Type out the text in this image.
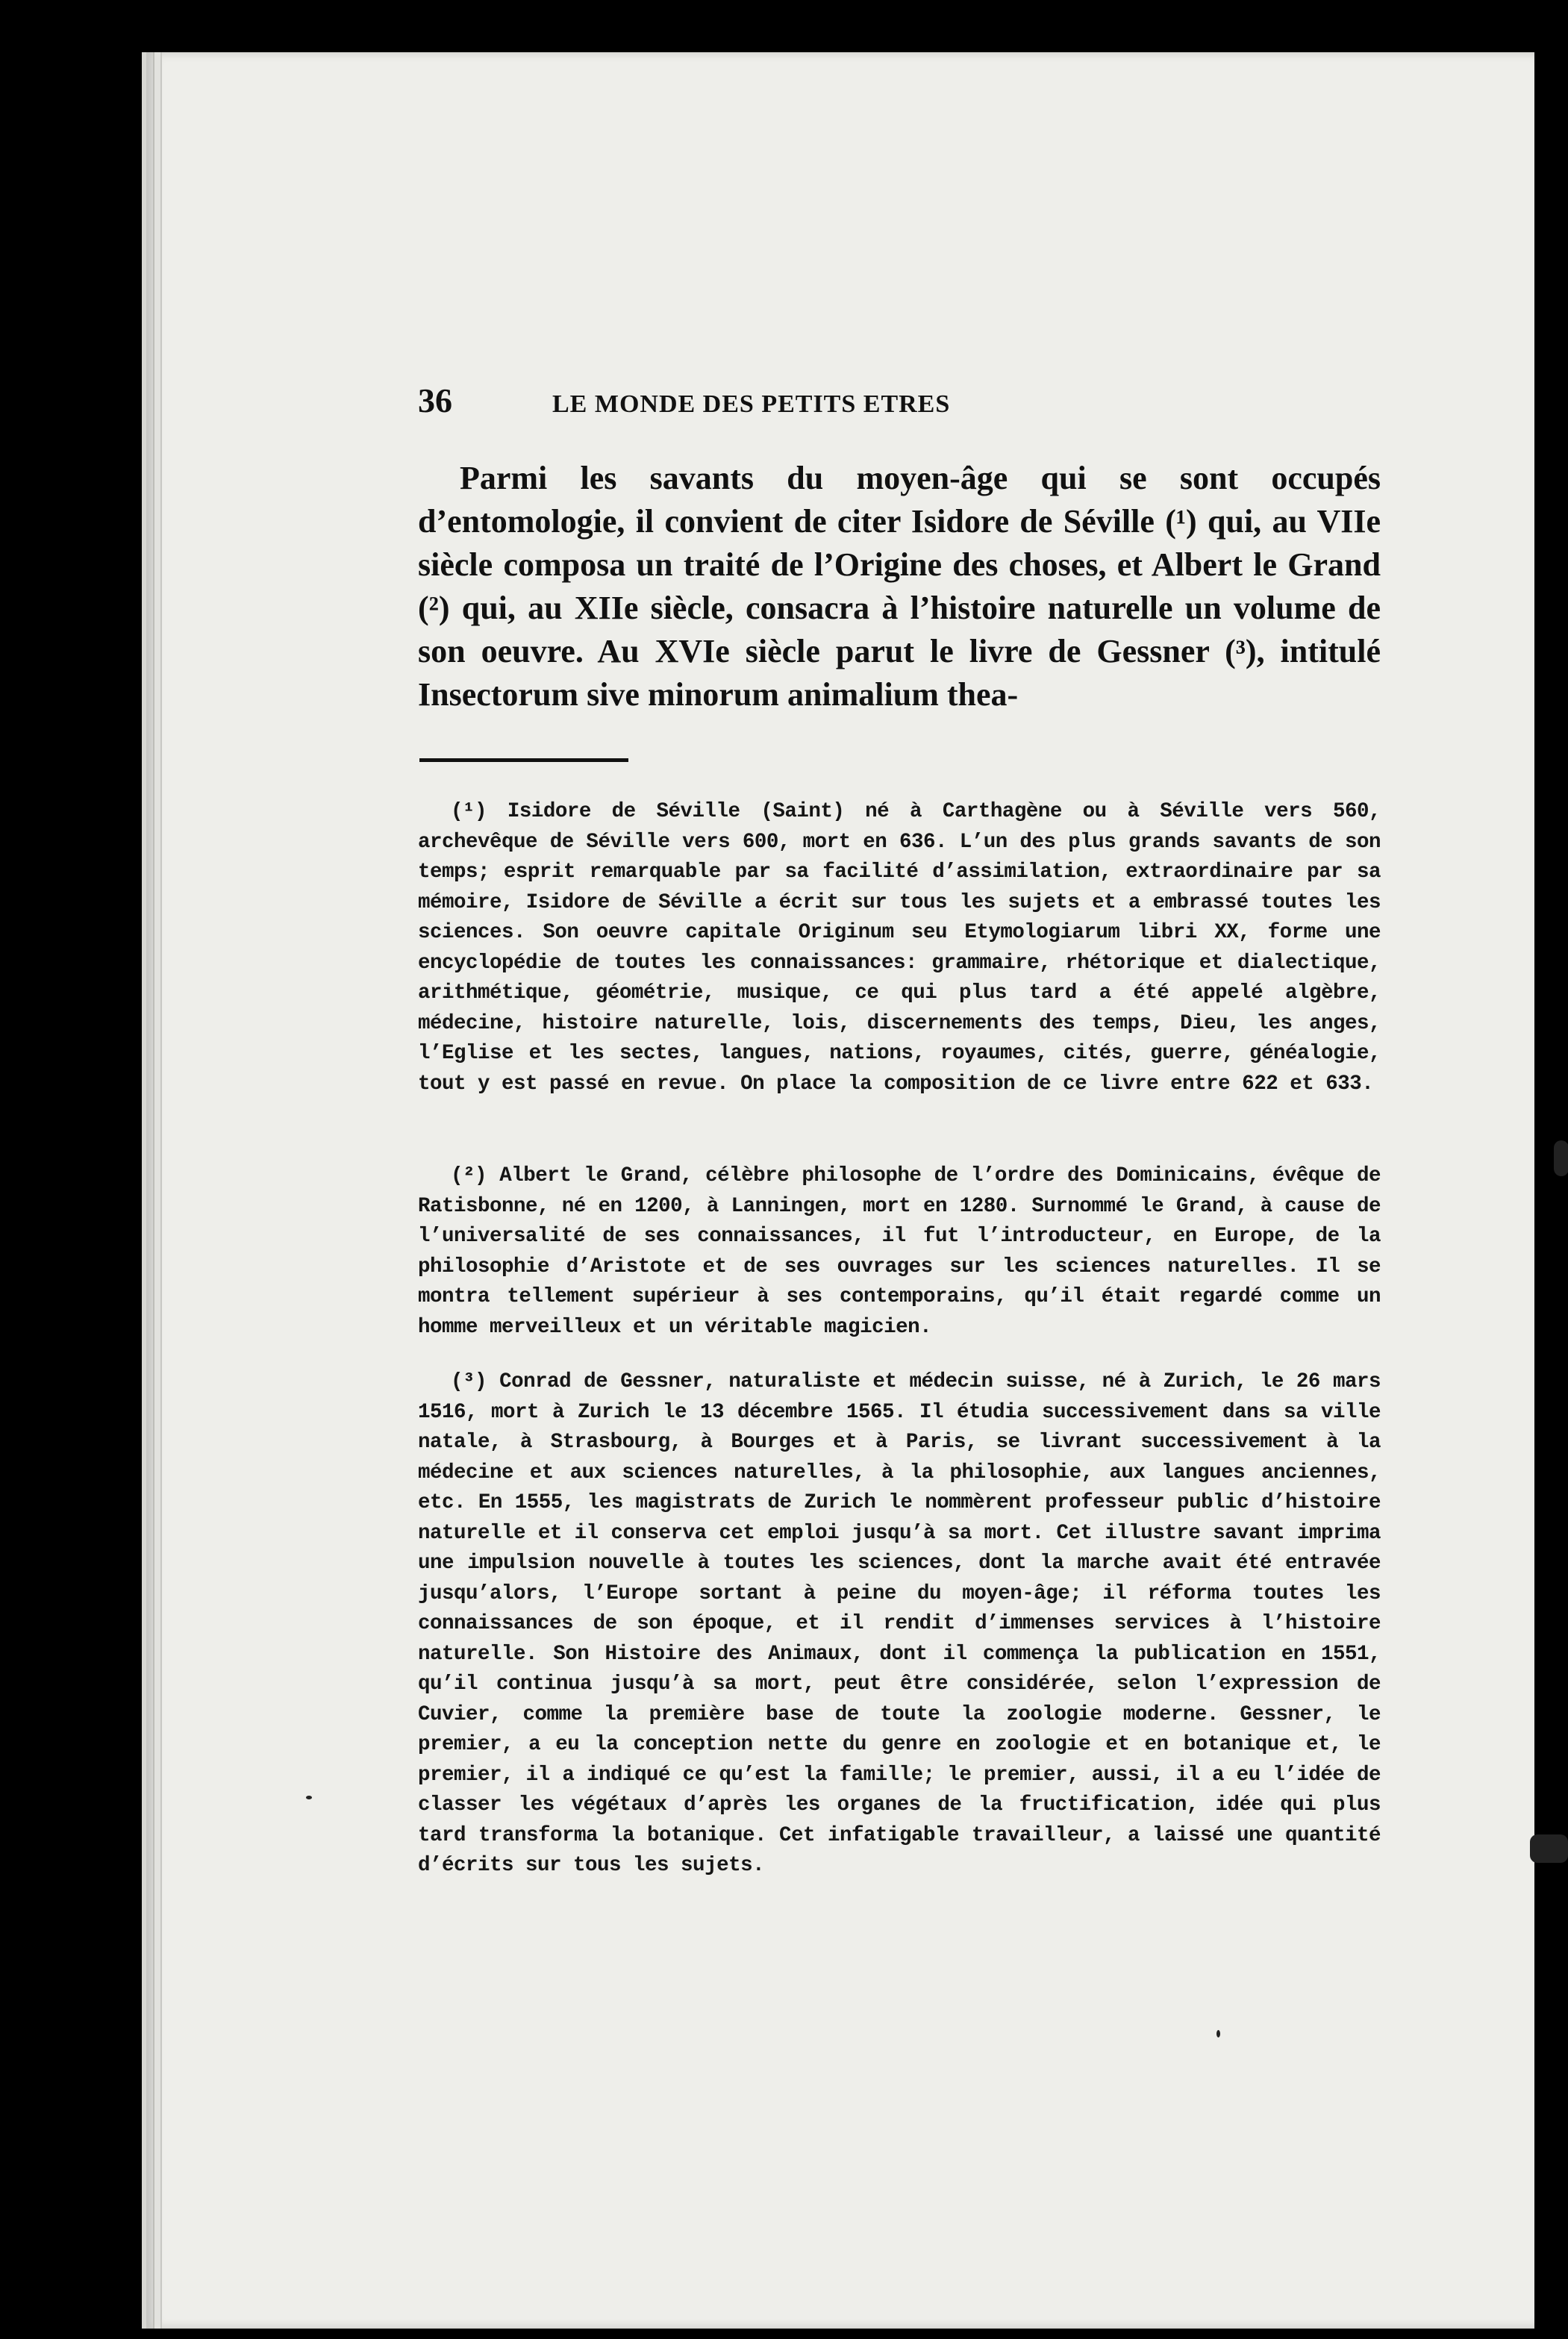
36	LE MONDE DES PETITS ETRES
Parmi les savants du moyen-âge qui se sont occupés d’entomologie, il convient de citer Isidore de Séville (¹) qui, au VIIe siècle composa un traité de l’Origine des choses, et Albert le Grand (²) qui, au XIIe siècle, consacra à l’histoire naturelle un volume de son oeuvre. Au XVIe siècle parut le livre de Gessner (³), intitulé Insectorum sive minorum animalium thea-
(¹) Isidore de Séville (Saint) né à Carthagène ou à Séville vers 560, archevêque de Séville vers 600, mort en 636. L’un des plus grands savants de son temps; esprit remarquable par sa facilité d’assimilation, extraordinaire par sa mémoire, Isidore de Séville a écrit sur tous les sujets et a embrassé toutes les sciences. Son oeuvre capitale Originum seu Etymologiarum libri XX, forme une encyclopédie de toutes les connaissances: grammaire, rhétorique et dialectique, arithmétique, géométrie, musique, ce qui plus tard a été appelé algèbre, médecine, histoire naturelle, lois, discernements des temps, Dieu, les anges, l’Eglise et les sectes, langues, nations, royaumes, cités, guerre, généalogie, tout y est passé en revue. On place la composition de ce livre entre 622 et 633.
(²) Albert le Grand, célèbre philosophe de l’ordre des Dominicains, évêque de Ratisbonne, né en 1200, à Lanningen, mort en 1280. Surnommé le Grand, à cause de l’universalité de ses connaissances, il fut l’introducteur, en Europe, de la philosophie d’Aristote et de ses ouvrages sur les sciences naturelles. Il se montra tellement supérieur à ses contemporains, qu’il était regardé comme un homme merveilleux et un véritable magicien.
(³) Conrad de Gessner, naturaliste et médecin suisse, né à Zurich, le 26 mars 1516, mort à Zurich le 13 décembre 1565. Il étudia successivement dans sa ville natale, à Strasbourg, à Bourges et à Paris, se livrant successivement à la médecine et aux sciences naturelles, à la philosophie, aux langues anciennes, etc. En 1555, les magistrats de Zurich le nommèrent professeur public d’histoire naturelle et il conserva cet emploi jusqu’à sa mort. Cet illustre savant imprima une impulsion nouvelle à toutes les sciences, dont la marche avait été entravée jusqu’alors, l’Europe sortant à peine du moyen-âge; il réforma toutes les connaissances de son époque, et il rendit d’immenses services à l’histoire naturelle. Son Histoire des Animaux, dont il commença la publication en 1551, qu’il continua jusqu’à sa mort, peut être considérée, selon l’expression de Cuvier, comme la première base de toute la zoologie moderne. Gessner, le premier, a eu la conception nette du genre en zoologie et en botanique et, le premier, il a indiqué ce qu’est la famille; le premier, aussi, il a eu l’idée de classer les végétaux d’après les organes de la fructification, idée qui plus tard transforma la botanique. Cet infatigable travailleur, a laissé une quantité d’écrits sur tous les sujets.
